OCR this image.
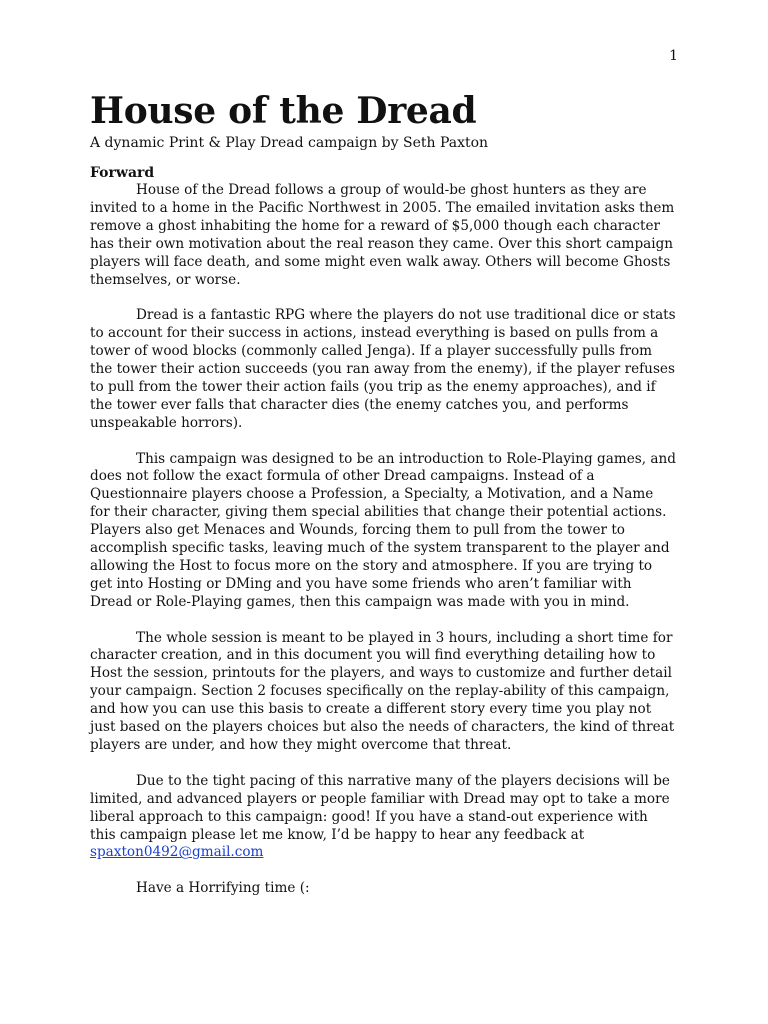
1
House of the Dread

A dynamic Print & Play Dread campaign by Seth Paxton

Forward

House of the Dread follows a group of would-be ghost hunters as they are invited to a home in the Pacific Northwest in 2005. The emailed invitation asks them remove a ghost inhabiting the home for a reward of $5,000 though each character has their own motivation about the real reason they came. Over this short campaign players will face death, and some might even walk away. Others will become Ghosts themselves, or worse.

Dread is a fantastic RPG where the players do not use traditional dice or stats to account for their success in actions, instead everything is based on pulls from a tower of wood blocks (commonly called Jenga). If a player successfully pulls from the tower their action succeeds (you ran away from the enemy), if the player refuses to pull from the tower their action fails (you trip as the enemy approaches), and if the tower ever falls that character dies (the enemy catches you, and performs unspeakable horrors).

This campaign was designed to be an introduction to Role-Playing games, and does not follow the exact formula of other Dread campaigns. Instead of a Questionnaire players choose a Profession, a Specialty, a Motivation, and a Name for their character, giving them special abilities that change their potential actions. Players also get Menaces and Wounds, forcing them to pull from the tower to accomplish specific tasks, leaving much of the system transparent to the player and allowing the Host to focus more on the story and atmosphere. If you are trying to get into Hosting or DMing and you have some friends who aren’t familiar with Dread or Role-Playing games, then this campaign was made with you in mind.

The whole session is meant to be played in 3 hours, including a short time for character creation, and in this document you will find everything detailing how to Host the session, printouts for the players, and ways to customize and further detail your campaign. Section 2 focuses specifically on the replay-ability of this campaign, and how you can use this basis to create a different story every time you play not just based on the players choices but also the needs of characters, the kind of threat players are under, and how they might overcome that threat.

Due to the tight pacing of this narrative many of the players decisions will be limited, and advanced players or people familiar with Dread may opt to take a more liberal approach to this campaign: good! If you have a stand-out experience with this campaign please let me know, I’d be happy to hear any feedback at
spaxton0492@gmail.com

Have a Horrifying time (:
